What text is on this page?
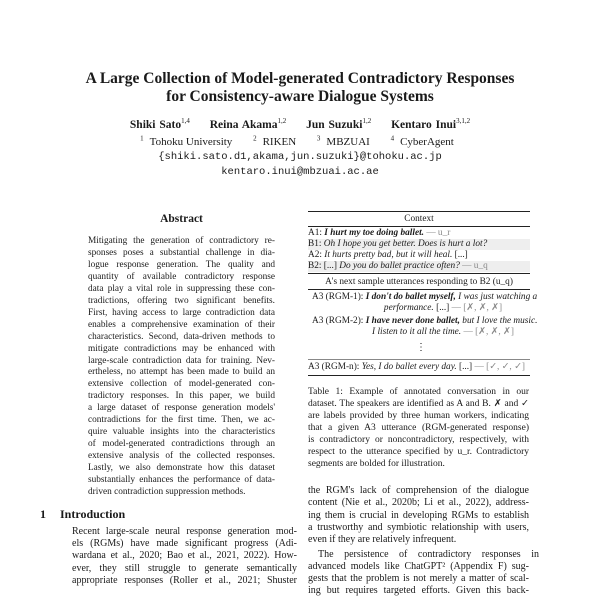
A Large Collection of Model-generated Contradictory Responses
for Consistency-aware Dialogue Systems
Shiki Sato$^{1,4}$ Reina Akama$^{1,2}$ Jun Suzuki$^{1,2}$ Kentaro Inui$^{3,1,2}$
$^1$ Tohoku University	$^2$ RIKEN	$^3$ MBZUAI	$^4$ CyberAgent
{shiki.sato.d1,akama,jun.suzuki}@tohoku.ac.jp
kentaro.inui@mbzuai.ac.ae
Abstract
1 Introduction
Context
A1: I hurt my toe doing ballet. — u_r
B1: Oh I hope you get better. Does is hurt a lot?
A2: It hurts pretty bad, but it will heal. [...]
B2: [...] Do you do ballet practice often? — u_q
A's next sample utterances responding to B2 (u_q)
A3 (RGM-1): I don't do ballet myself, I was just watching a
performance. [...] — [✗, ✗, ✗]
A3 (RGM-2): I have never done ballet, but I love the music.
I listen to it all the time. — [✗, ✗, ✗]
⋮
A3 (RGM-n): Yes, I do ballet every day. [...] — [✓, ✓, ✓]
Mitigating the generation of contradictory re-
sponses poses a substantial challenge in dia-
logue response generation. The quality and
quantity of available contradictory response
data play a vital role in suppressing these con-
tradictions, offering two significant benefits.
First, having access to large contradiction data
enables a comprehensive examination of their
characteristics. Second, data-driven methods to
mitigate contradictions may be enhanced with
large-scale contradiction data for training. Nev-
ertheless, no attempt has been made to build an
extensive collection of model-generated con-
tradictory responses. In this paper, we build
a large dataset of response generation models'
contradictions for the first time. Then, we ac-
quire valuable insights into the characteristics
of model-generated contradictions through an
extensive analysis of the collected responses.
Lastly, we also demonstrate how this dataset
substantially enhances the performance of data-
driven contradiction suppression methods.
Recent large-scale neural response generation mod-
els (RGMs) have made significant progress (Adi-
wardana et al., 2020; Bao et al., 2021, 2022). How-
ever, they still struggle to generate semantically
appropriate responses (Roller et al., 2021; Shuster
Table 1: Example of annotated conversation in our
dataset. The speakers are identified as A and B. ✗ and ✓
are labels provided by three human workers, indicating
that a given A3 utterance (RGM-generated response)
is contradictory or noncontradictory, respectively, with
respect to the utterance specified by u_r. Contradictory
segments are bolded for illustration.
the RGM's lack of comprehension of the dialogue
content (Nie et al., 2020b; Li et al., 2022), address-
ing them is crucial in developing RGMs to establish
a trustworthy and symbiotic relationship with users,
even if they are relatively infrequent.
The persistence of contradictory responses in
advanced models like ChatGPT² (Appendix F) sug-
gests that the problem is not merely a matter of scal-
ing but requires targeted efforts. Given this back-
